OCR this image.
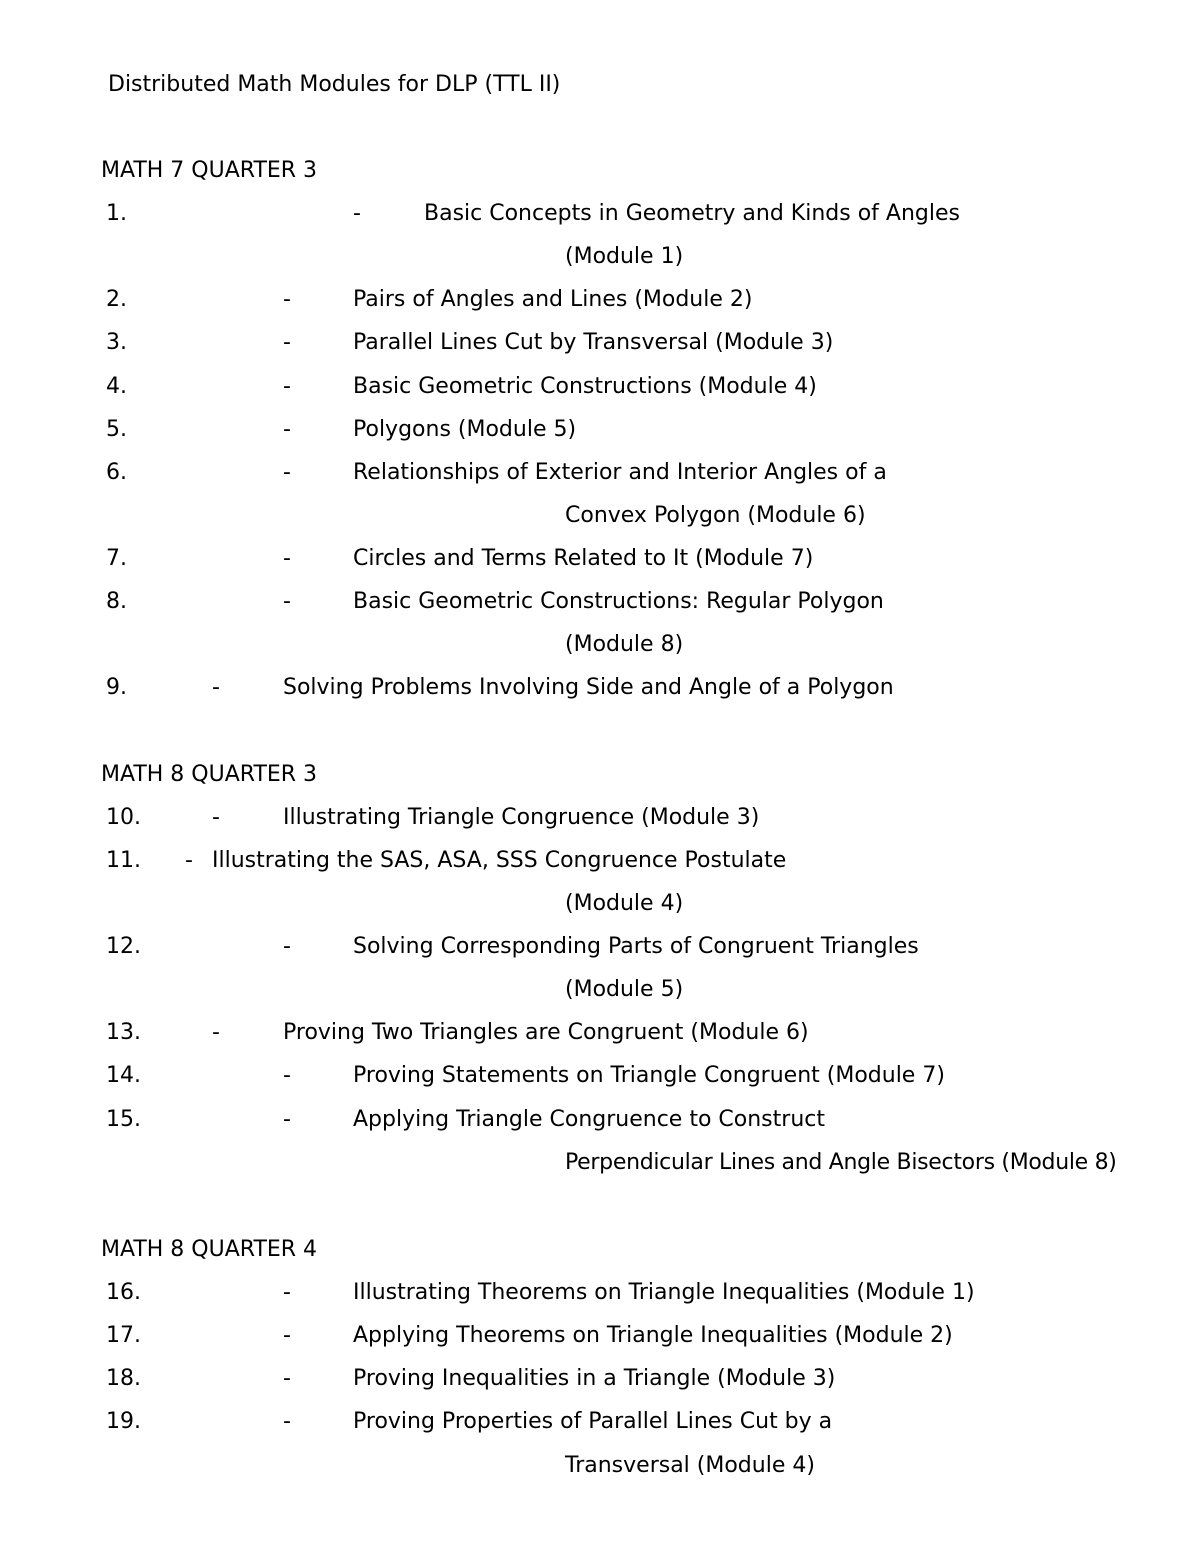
Distributed Math Modules for DLP (TTL II)
MATH 7 QUARTER 3
1.	-	Basic Concepts in Geometry and Kinds of Angles
(Module 1)
2.	-	Pairs of Angles and Lines (Module 2)
3.	-	Parallel Lines Cut by Transversal (Module 3)
4.	-	Basic Geometric Constructions (Module 4)
5.	-	Polygons (Module 5)
6.	-	Relationships of Exterior and Interior Angles of a
Convex Polygon (Module 6)
7.	-	Circles and Terms Related to It (Module 7)
8.	-	Basic Geometric Constructions: Regular Polygon
(Module 8)
9.	-	Solving Problems Involving Side and Angle of a Polygon
MATH 8 QUARTER 3
10.	-	Illustrating Triangle Congruence (Module 3)
11. - Illustrating the SAS, ASA, SSS Congruence Postulate
(Module 4)
12.	-	Solving Corresponding Parts of Congruent Triangles
(Module 5)
13.	-	Proving Two Triangles are Congruent (Module 6)
14.	-	Proving Statements on Triangle Congruent (Module 7)
15.	-	Applying Triangle Congruence to Construct
Perpendicular Lines and Angle Bisectors (Module 8)
MATH 8 QUARTER 4
16.	-	Illustrating Theorems on Triangle Inequalities (Module 1)
17.	-	Applying Theorems on Triangle Inequalities (Module 2)
18.	-	Proving Inequalities in a Triangle (Module 3)
19.	-	Proving Properties of Parallel Lines Cut by a
Transversal (Module 4)
